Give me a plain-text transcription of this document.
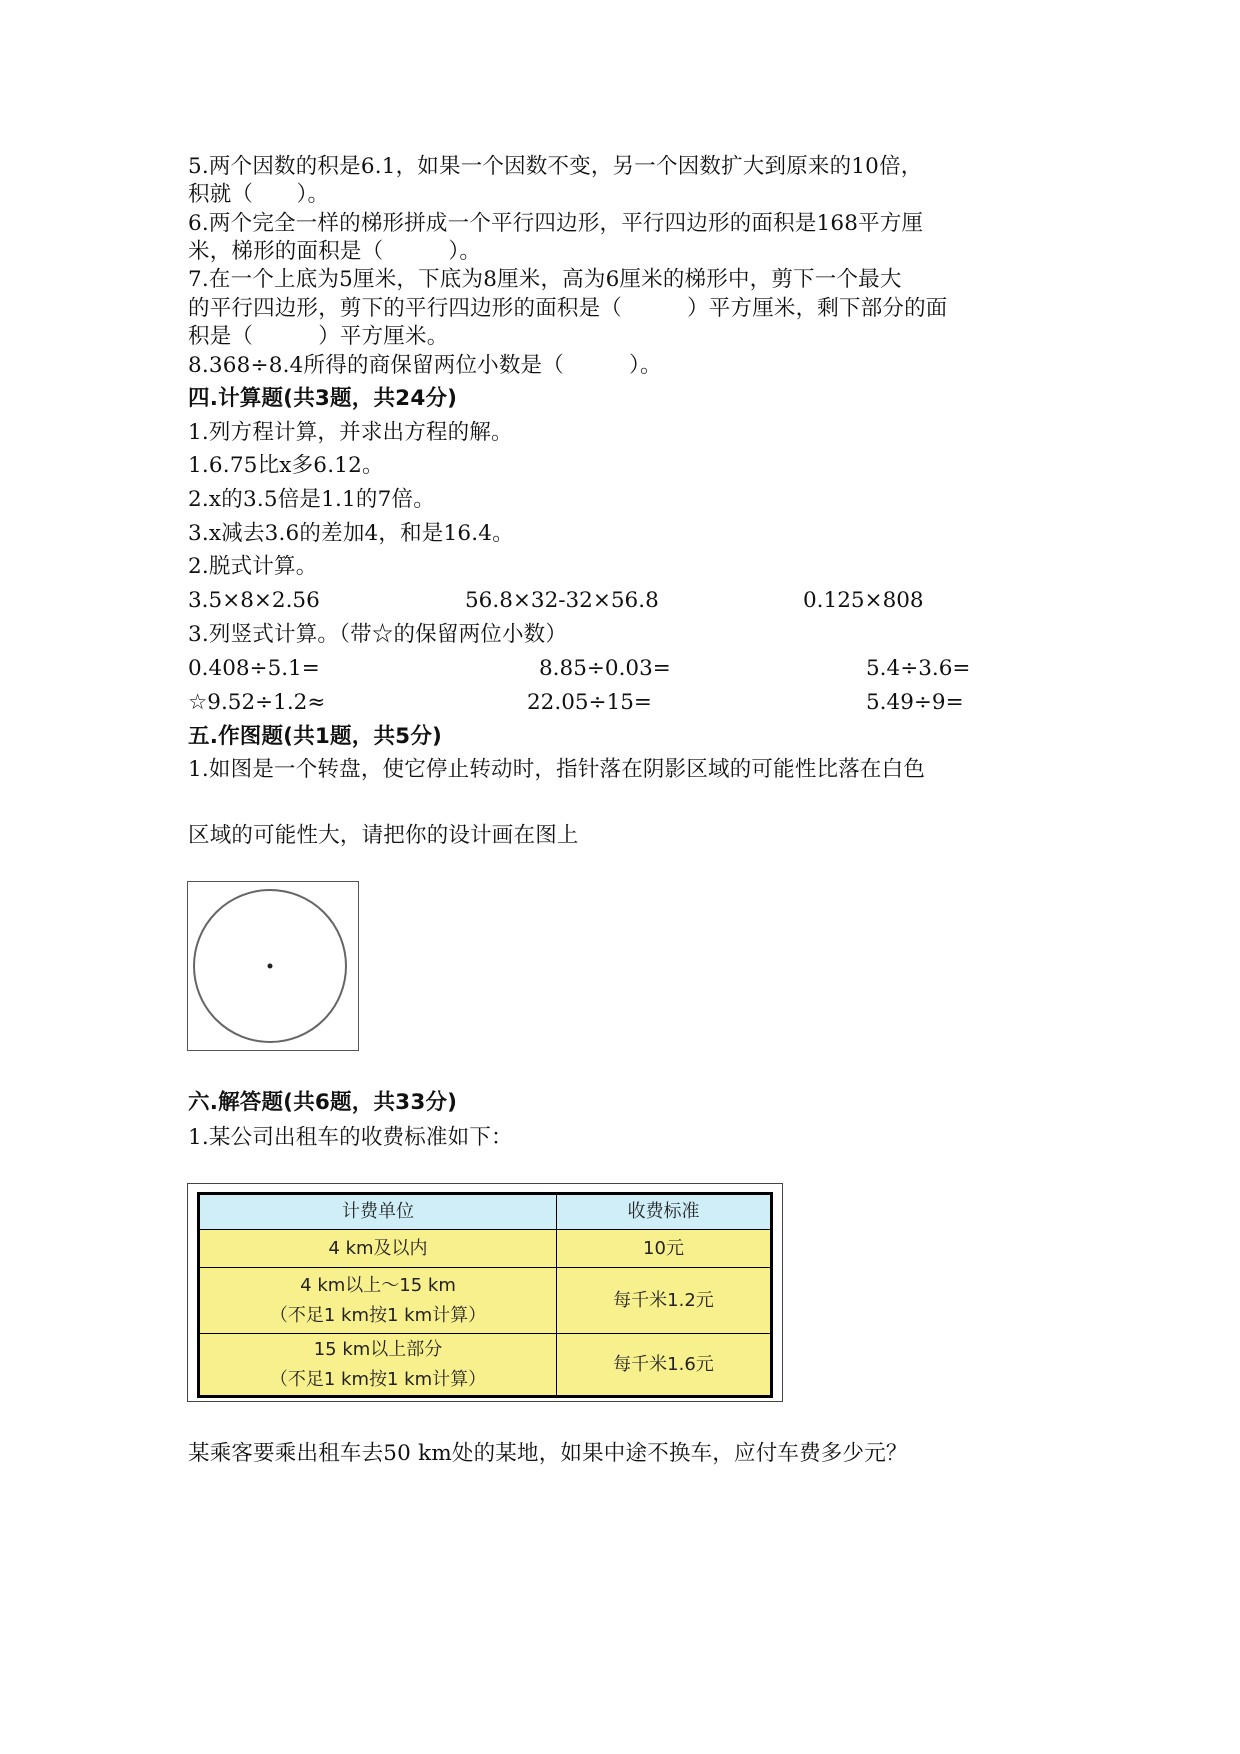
5.两个因数的积是6.1，如果一个因数不变，另一个因数扩大到原来的10倍，
积就（　　）。
6.两个完全一样的梯形拼成一个平行四边形，平行四边形的面积是168平方厘
米，梯形的面积是（　　　）。
7.在一个上底为5厘米，下底为8厘米，高为6厘米的梯形中，剪下一个最大
的平行四边形，剪下的平行四边形的面积是（　　　）平方厘米，剩下部分的面
积是（　　　）平方厘米。
8.368÷8.4所得的商保留两位小数是（　　　）。
四.计算题(共3题，共24分)
1.列方程计算，并求出方程的解。
1.6.75比x多6.12。
2.x的3.5倍是1.1的7倍。
3.x减去3.6的差加4，和是16.4。
2.脱式计算。
3.5×8×2.56	56.8×32-32×56.8	0.125×808
3.列竖式计算。（带☆的保留两位小数）
0.408÷5.1=	8.85÷0.03=	5.4÷3.6=
☆9.52÷1.2≈	22.05÷15=	5.49÷9=
五.作图题(共1题，共5分)
1.如图是一个转盘，使它停止转动时，指针落在阴影区域的可能性比落在白色
区域的可能性大，请把你的设计画在图上
六.解答题(共6题，共33分)
1.某公司出租车的收费标准如下：
计费单位	收费标准

4 km及以内	10元

4 km以上～15 km
（不足1 km按1 km计算）	每千米1.2元

15 km以上部分
（不足1 km按1 km计算）	每千米1.6元
某乘客要乘出租车去50 km处的某地，如果中途不换车，应付车费多少元？
